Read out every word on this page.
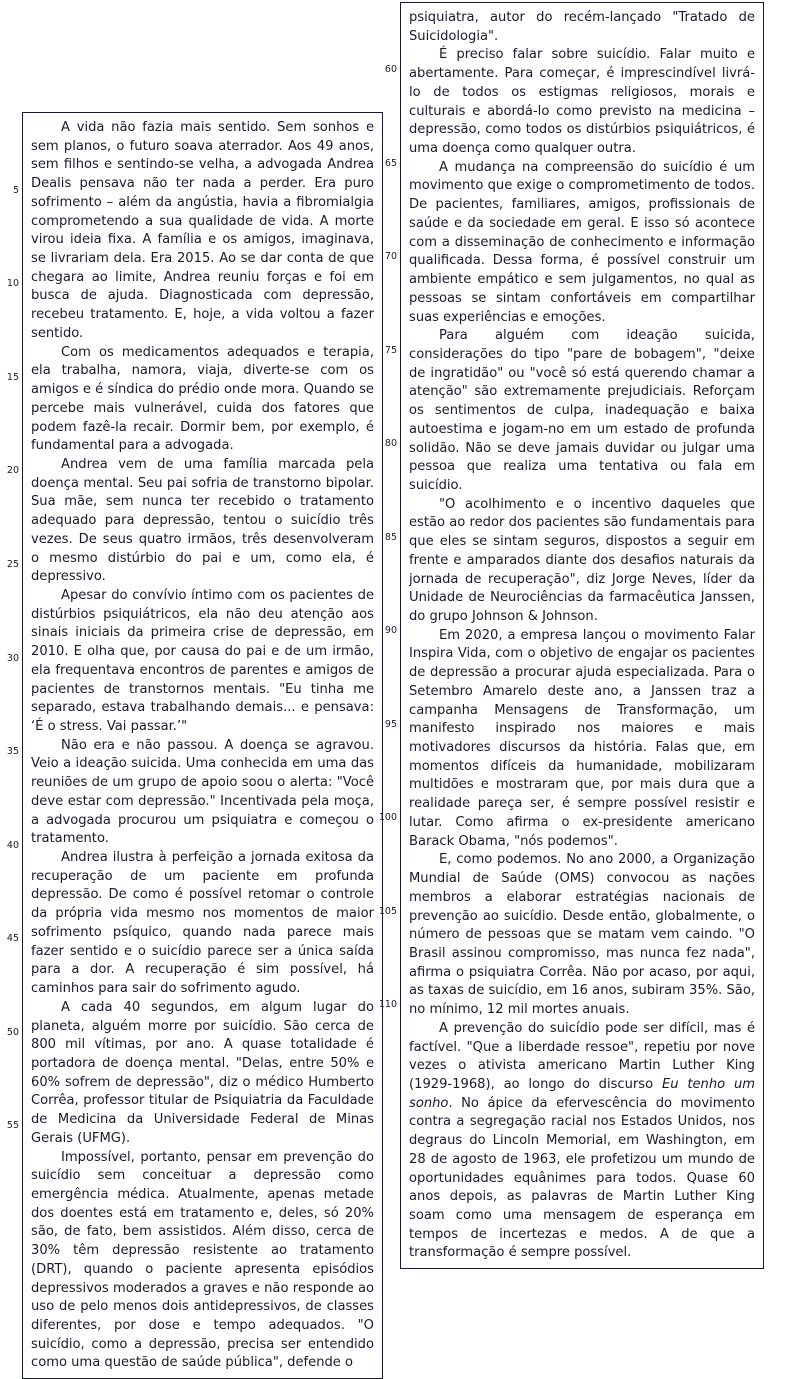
5
10
15
20
25
30
35
40
45
50
55

A vida não fazia mais sentido. Sem sonhos e sem planos, o futuro soava aterrador. Aos 49 anos, sem filhos e sentindo-se velha, a advogada Andrea Dealis pensava não ter nada a perder. Era puro sofrimento – além da angústia, havia a fibromialgia comprometendo a sua qualidade de vida. A morte virou ideia fixa. A família e os amigos, imaginava, se livrariam dela. Era 2015. Ao se dar conta de que chegara ao limite, Andrea reuniu forças e foi em busca de ajuda. Diagnosticada com depressão, recebeu tratamento. E, hoje, a vida voltou a fazer sentido.

Com os medicamentos adequados e terapia, ela trabalha, namora, viaja, diverte-se com os amigos e é síndica do prédio onde mora. Quando se percebe mais vulnerável, cuida dos fatores que podem fazê-la recair. Dormir bem, por exemplo, é fundamental para a advogada.

Andrea vem de uma família marcada pela doença mental. Seu pai sofria de transtorno bipolar. Sua mãe, sem nunca ter recebido o tratamento adequado para depressão, tentou o suicídio três vezes. De seus quatro irmãos, três desenvolveram o mesmo distúrbio do pai e um, como ela, é depressivo.

Apesar do convívio íntimo com os pacientes de distúrbios psiquiátricos, ela não deu atenção aos sinais iniciais da primeira crise de depressão, em 2010. E olha que, por causa do pai e de um irmão, ela frequentava encontros de parentes e amigos de pacientes de transtornos mentais. "Eu tinha me separado, estava trabalhando demais... e pensava: ‘É o stress. Vai passar.’"

Não era e não passou. A doença se agravou. Veio a ideação suicida. Uma conhecida em uma das reuniões de um grupo de apoio soou o alerta: "Você deve estar com depressão." Incentivada pela moça, a advogada procurou um psiquiatra e começou o tratamento.

Andrea ilustra à perfeição a jornada exitosa da recuperação de um paciente em profunda depressão. De como é possível retomar o controle da própria vida mesmo nos momentos de maior sofrimento psíquico, quando nada parece mais fazer sentido e o suicídio parece ser a única saída para a dor. A recuperação é sim possível, há caminhos para sair do sofrimento agudo.

A cada 40 segundos, em algum lugar do planeta, alguém morre por suicídio. São cerca de 800 mil vítimas, por ano. A quase totalidade é portadora de doença mental. "Delas, entre 50% e 60% sofrem de depressão", diz o médico Humberto Corrêa, professor titular de Psiquiatria da Faculdade de Medicina da Universidade Federal de Minas Gerais (UFMG).

Impossível, portanto, pensar em prevenção do suicídio sem conceituar a depressão como emergência médica. Atualmente, apenas metade dos doentes está em tratamento e, deles, só 20% são, de fato, bem assistidos. Além disso, cerca de 30% têm depressão resistente ao tratamento (DRT), quando o paciente apresenta episódios depressivos moderados a graves e não responde ao uso de pelo menos dois antidepressivos, de classes diferentes, por dose e tempo adequados. "O suicídio, como a depressão, precisa ser entendido como uma questão de saúde pública", defende o

60
65
70
75
80
85
90
95
100
105
110

psiquiatra, autor do recém-lançado "Tratado de Suicidologia".

É preciso falar sobre suicídio. Falar muito e abertamente. Para começar, é imprescindível livrá-lo de todos os estigmas religiosos, morais e culturais e abordá-lo como previsto na medicina – depressão, como todos os distúrbios psiquiátricos, é uma doença como qualquer outra.

A mudança na compreensão do suicídio é um movimento que exige o comprometimento de todos. De pacientes, familiares, amigos, profissionais de saúde e da sociedade em geral. E isso só acontece com a disseminação de conhecimento e informação qualificada. Dessa forma, é possível construir um ambiente empático e sem julgamentos, no qual as pessoas se sintam confortáveis em compartilhar suas experiências e emoções.

Para alguém com ideação suicida, considerações do tipo "pare de bobagem", "deixe de ingratidão" ou "você só está querendo chamar a atenção" são extremamente prejudiciais. Reforçam os sentimentos de culpa, inadequação e baixa autoestima e jogam-no em um estado de profunda solidão. Não se deve jamais duvidar ou julgar uma pessoa que realiza uma tentativa ou fala em suicídio.

"O acolhimento e o incentivo daqueles que estão ao redor dos pacientes são fundamentais para que eles se sintam seguros, dispostos a seguir em frente e amparados diante dos desafios naturais da jornada de recuperação", diz Jorge Neves, líder da Unidade de Neurociências da farmacêutica Janssen, do grupo Johnson & Johnson.

Em 2020, a empresa lançou o movimento Falar Inspira Vida, com o objetivo de engajar os pacientes de depressão a procurar ajuda especializada. Para o Setembro Amarelo deste ano, a Janssen traz a campanha Mensagens de Transformação, um manifesto inspirado nos maiores e mais motivadores discursos da história. Falas que, em momentos difíceis da humanidade, mobilizaram multidões e mostraram que, por mais dura que a realidade pareça ser, é sempre possível resistir e lutar. Como afirma o ex-presidente americano Barack Obama, "nós podemos".

E, como podemos. No ano 2000, a Organização Mundial de Saúde (OMS) convocou as nações membros a elaborar estratégias nacionais de prevenção ao suicídio. Desde então, globalmente, o número de pessoas que se matam vem caindo. "O Brasil assinou compromisso, mas nunca fez nada", afirma o psiquiatra Corrêa. Não por acaso, por aqui, as taxas de suicídio, em 16 anos, subiram 35%. São, no mínimo, 12 mil mortes anuais.

A prevenção do suicídio pode ser difícil, mas é factível. "Que a liberdade ressoe", repetiu por nove vezes o ativista americano Martin Luther King (1929-1968), ao longo do discurso Eu tenho um sonho. No ápice da efervescência do movimento contra a segregação racial nos Estados Unidos, nos degraus do Lincoln Memorial, em Washington, em 28 de agosto de 1963, ele profetizou um mundo de oportunidades equânimes para todos. Quase 60 anos depois, as palavras de Martin Luther King soam como uma mensagem de esperança em tempos de incertezas e medos. A de que a transformação é sempre possível.
